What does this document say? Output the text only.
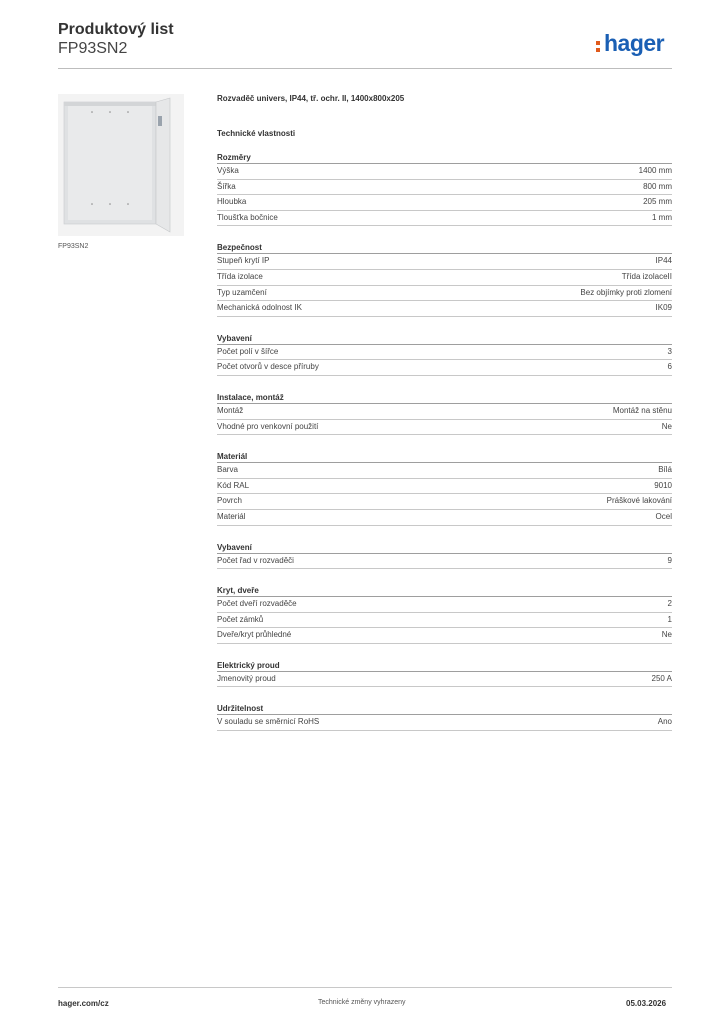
Produktový list
FP93SN2	hager
FP93SN2
Rozvaděč univers, IP44, tř. ochr. II, 1400x800x205
Technické vlastnosti
Rozměry
Výška	1400 mm
Šířka	800 mm
Hloubka	205 mm
Tloušťka bočnice	1 mm
Bezpečnost
Stupeň krytí IP	IP44
Třída izolace	Třída izolaceII
Typ uzamčení	Bez objímky proti zlomení
Mechanická odolnost IK	IK09
Vybavení
Počet polí v šířce	3
Počet otvorů v desce příruby	6
Instalace, montáž
Montáž	Montáž na stěnu
Vhodné pro venkovní použití	Ne
Materiál
Barva	Bílá
Kód RAL	9010
Povrch	Práškové lakování
Materiál	Ocel
Vybavení
Počet řad v rozvaděči	9
Kryt, dveře
Počet dveří rozvaděče	2
Počet zámků	1
Dveře/kryt průhledné	Ne
Elektrický proud
Jmenovitý proud	250 A
Udržitelnost
V souladu se směrnicí RoHS	Ano
hager.com/cz	Technické změny vyhrazeny	05.03.2026
